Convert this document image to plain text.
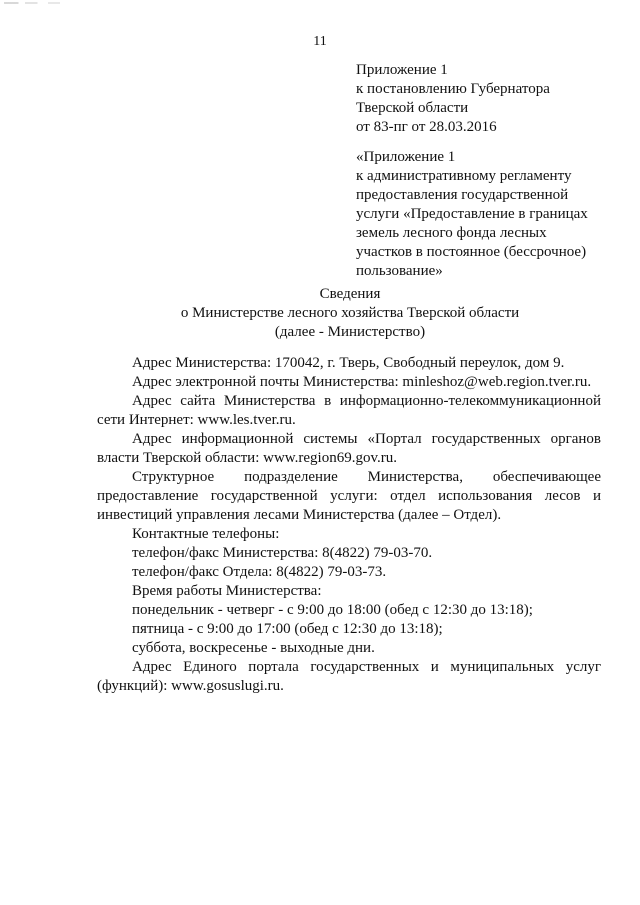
11
Приложение 1
к постановлению Губернатора
Тверской области
от 83-пг от 28.03.2016
«Приложение 1
к административному регламенту
предоставления государственной
услуги «Предоставление в границах
земель лесного фонда лесных
участков в постоянное (бессрочное)
пользование»
Сведения
о Министерстве лесного хозяйства Тверской области
(далее - Министерство)
Адрес Министерства: 170042, г. Тверь, Свободный переулок, дом 9.
Адрес электронной почты Министерства: minleshoz@web.region.tver.ru.
Адрес сайта Министерства в информационно-телекоммуникационной
сети Интернет: www.les.tver.ru.
Адрес информационной системы «Портал государственных органов
власти Тверской области: www.region69.gov.ru.
Структурное подразделение Министерства, обеспечивающее
предоставление государственной услуги: отдел использования лесов и
инвестиций управления лесами Министерства (далее – Отдел).
Контактные телефоны:
телефон/факс Министерства: 8(4822) 79-03-70.
телефон/факс Отдела: 8(4822) 79-03-73.
Время работы Министерства:
понедельник - четверг - с 9:00 до 18:00 (обед с 12:30 до 13:18);
пятница - с 9:00 до 17:00 (обед с 12:30 до 13:18);
суббота, воскресенье - выходные дни.
Адрес Единого портала государственных и муниципальных услуг
(функций): www.gosuslugi.ru.
